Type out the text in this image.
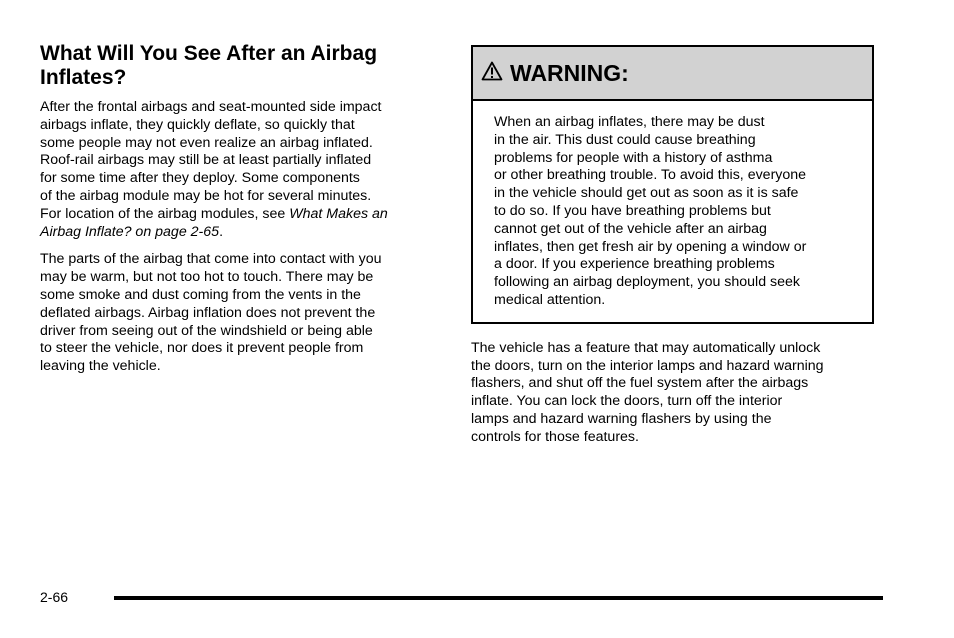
What Will You See After an Airbag
Inflates?

After the frontal airbags and seat-mounted side impact
airbags inflate, they quickly deflate, so quickly that
some people may not even realize an airbag inflated.
Roof-rail airbags may still be at least partially inflated
for some time after they deploy. Some components
of the airbag module may be hot for several minutes.
For location of the airbag modules, see What Makes an
Airbag Inflate? on page 2-65.

The parts of the airbag that come into contact with you
may be warm, but not too hot to touch. There may be
some smoke and dust coming from the vents in the
deflated airbags. Airbag inflation does not prevent the
driver from seeing out of the windshield or being able
to steer the vehicle, nor does it prevent people from
leaving the vehicle.

WARNING:

When an airbag inflates, there may be dust
in the air. This dust could cause breathing
problems for people with a history of asthma
or other breathing trouble. To avoid this, everyone
in the vehicle should get out as soon as it is safe
to do so. If you have breathing problems but
cannot get out of the vehicle after an airbag
inflates, then get fresh air by opening a window or
a door. If you experience breathing problems
following an airbag deployment, you should seek
medical attention.

The vehicle has a feature that may automatically unlock
the doors, turn on the interior lamps and hazard warning
flashers, and shut off the fuel system after the airbags
inflate. You can lock the doors, turn off the interior
lamps and hazard warning flashers by using the
controls for those features.

2-66
